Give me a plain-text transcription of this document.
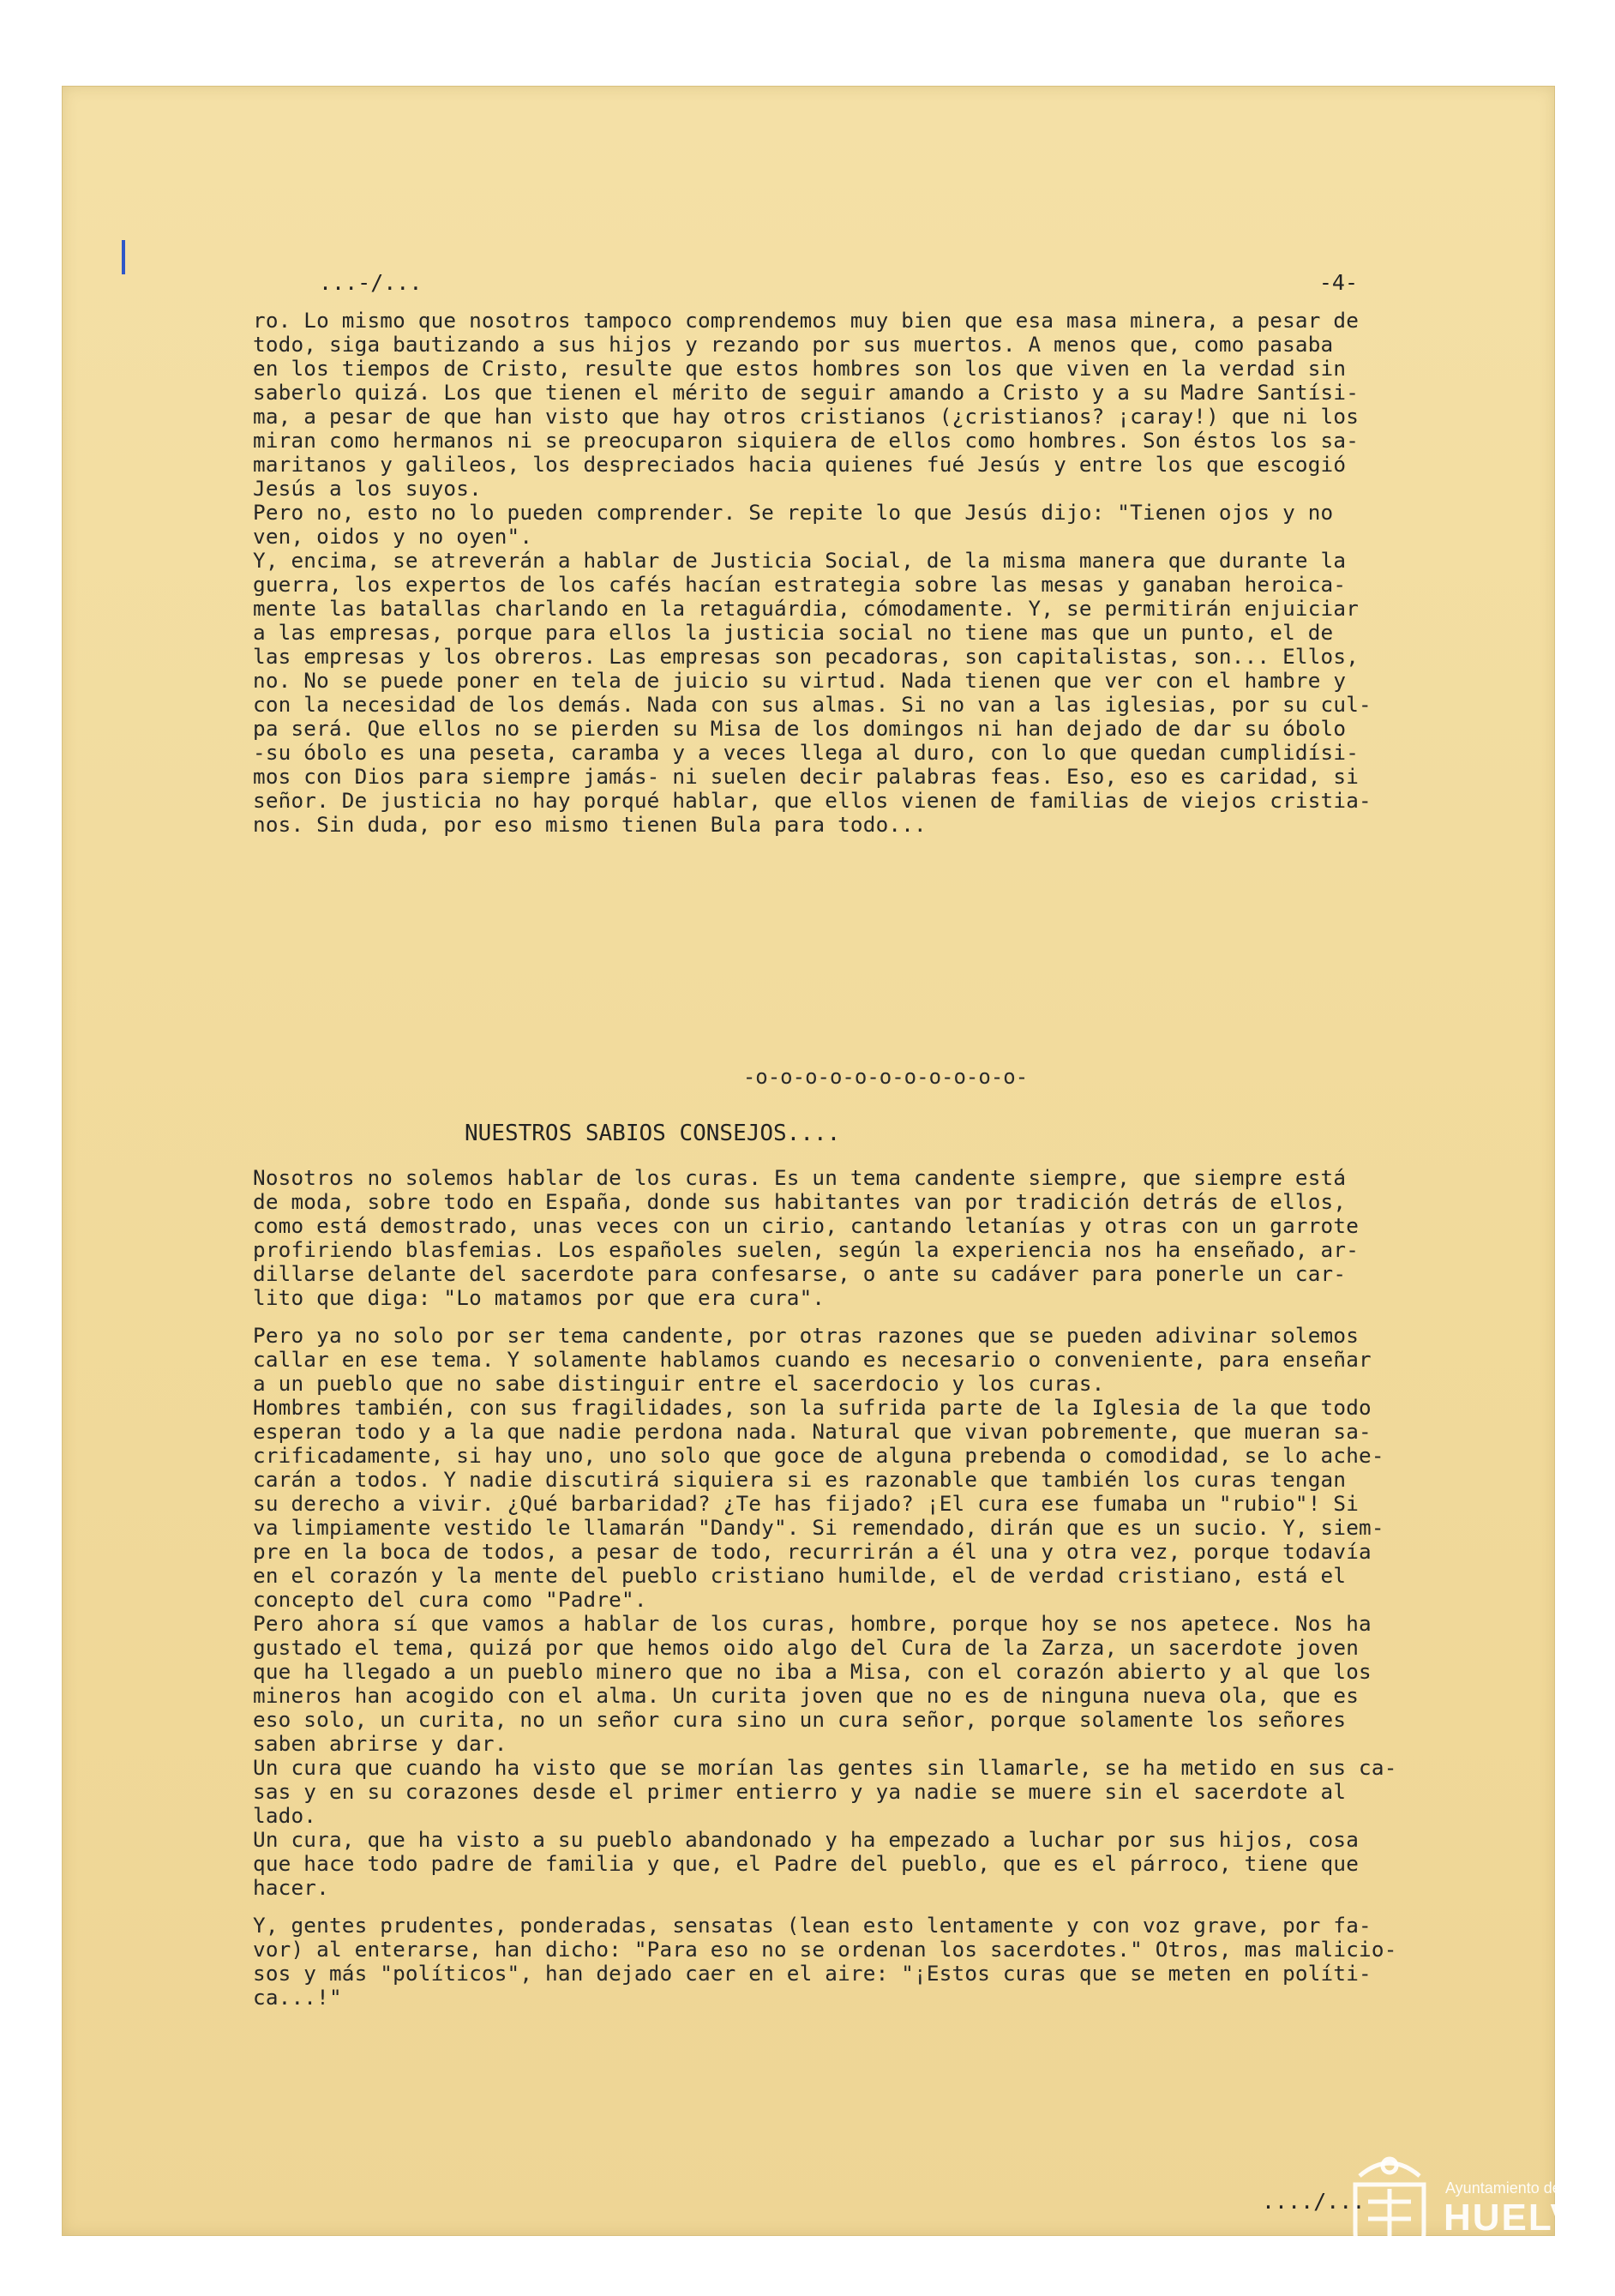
...-/...	-4-
ro. Lo mismo que nosotros tampoco comprendemos muy bien que esa masa minera, a pesar de
todo, siga bautizando a sus hijos y rezando por sus muertos. A menos que, como pasaba
en los tiempos de Cristo, resulte que estos hombres son los que viven en la verdad sin
saberlo quizá. Los que tienen el mérito de seguir amando a Cristo y a su Madre Santísi-
ma, a pesar de que han visto que hay otros cristianos (¿cristianos? ¡caray!) que ni los
miran como hermanos ni se preocuparon siquiera de ellos como hombres. Son éstos los sa-
maritanos y galileos, los despreciados hacia quienes fué Jesús y entre los que escogió
Jesús a los suyos.
Pero no, esto no lo pueden comprender. Se repite lo que Jesús dijo: "Tienen ojos y no
ven, oidos y no oyen".
Y, encima, se atreverán a hablar de Justicia Social, de la misma manera que durante la
guerra, los expertos de los cafés hacían estrategia sobre las mesas y ganaban heroica-
mente las batallas charlando en la retaguárdia, cómodamente. Y, se permitirán enjuiciar
a las empresas, porque para ellos la justicia social no tiene mas que un punto, el de
las empresas y los obreros. Las empresas son pecadoras, son capitalistas, son... Ellos,
no. No se puede poner en tela de juicio su virtud. Nada tienen que ver con el hambre y
con la necesidad de los demás. Nada con sus almas. Si no van a las iglesias, por su cul-
pa será. Que ellos no se pierden su Misa de los domingos ni han dejado de dar su óbolo
-su óbolo es una peseta, caramba y a veces llega al duro, con lo que quedan cumplidísi-
mos con Dios para siempre jamás- ni suelen decir palabras feas. Eso, eso es caridad, si
señor. De justicia no hay porqué hablar, que ellos vienen de familias de viejos cristia-
nos. Sin duda, por eso mismo tienen Bula para todo...
-o-o-o-o-o-o-o-o-o-o-o-
NUESTROS SABIOS CONSEJOS....
Nosotros no solemos hablar de los curas. Es un tema candente siempre, que siempre está
de moda, sobre todo en España, donde sus habitantes van por tradición detrás de ellos,
como está demostrado, unas veces con un cirio, cantando letanías y otras con un garrote
profiriendo blasfemias. Los españoles suelen, según la experiencia nos ha enseñado, ar-
dillarse delante del sacerdote para confesarse, o ante su cadáver para ponerle un car-
lito que diga: "Lo matamos por que era cura".
Pero ya no solo por ser tema candente, por otras razones que se pueden adivinar solemos
callar en ese tema. Y solamente hablamos cuando es necesario o conveniente, para enseñar
a un pueblo que no sabe distinguir entre el sacerdocio y los curas.
Hombres también, con sus fragilidades, son la sufrida parte de la Iglesia de la que todo
esperan todo y a la que nadie perdona nada. Natural que vivan pobremente, que mueran sa-
crificadamente, si hay uno, uno solo que goce de alguna prebenda o comodidad, se lo ache-
carán a todos. Y nadie discutirá siquiera si es razonable que también los curas tengan
su derecho a vivir. ¿Qué barbaridad? ¿Te has fijado? ¡El cura ese fumaba un "rubio"! Si
va limpiamente vestido le llamarán "Dandy". Si remendado, dirán que es un sucio. Y, siem-
pre en la boca de todos, a pesar de todo, recurrirán a él una y otra vez, porque todavía
en el corazón y la mente del pueblo cristiano humilde, el de verdad cristiano, está el
concepto del cura como "Padre".
Pero ahora sí que vamos a hablar de los curas, hombre, porque hoy se nos apetece. Nos ha
gustado el tema, quizá por que hemos oido algo del Cura de la Zarza, un sacerdote joven
que ha llegado a un pueblo minero que no iba a Misa, con el corazón abierto y al que los
mineros han acogido con el alma. Un curita joven que no es de ninguna nueva ola, que es
eso solo, un curita, no un señor cura sino un cura señor, porque solamente los señores
saben abrirse y dar.
Un cura que cuando ha visto que se morían las gentes sin llamarle, se ha metido en sus ca-
sas y en su corazones desde el primer entierro y ya nadie se muere sin el sacerdote al
lado.
Un cura, que ha visto a su pueblo abandonado y ha empezado a luchar por sus hijos, cosa
que hace todo padre de familia y que, el Padre del pueblo, que es el párroco, tiene que
hacer.
Y, gentes prudentes, ponderadas, sensatas (lean esto lentamente y con voz grave, por fa-
vor) al enterarse, han dicho: "Para eso no se ordenan los sacerdotes." Otros, mas malicio-
sos y más "políticos", han dejado caer en el aire: "¡Estos curas que se meten en políti-
ca...!"
..../...
Ayuntamiento de
HUELVA
